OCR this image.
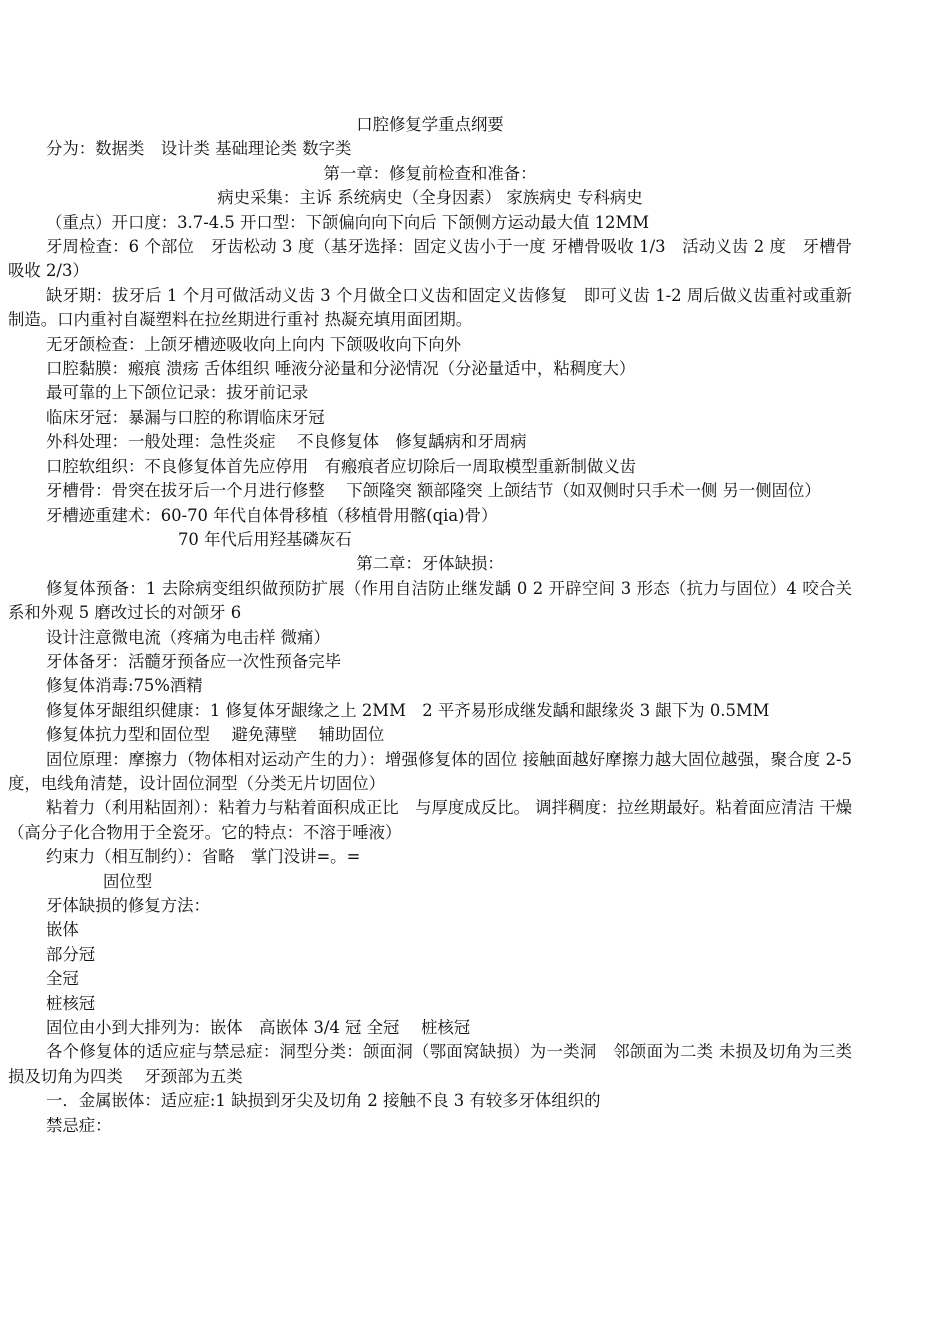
口腔修复学重点纲要
分为：数据类　设计类 基础理论类 数字类
第一章：修复前检查和准备：
病史采集：主诉 系统病史（全身因素） 家族病史 专科病史
（重点）开口度：3.7-4.5 开口型：下颌偏向向下向后 下颌侧方运动最大值 12MM
牙周检查：6 个部位　牙齿松动 3 度（基牙选择：固定义齿小于一度 牙槽骨吸收 1/3　活动义齿 2 度　牙槽骨吸收 2/3）
缺牙期：拔牙后 1 个月可做活动义齿 3 个月做全口义齿和固定义齿修复　即可义齿 1-2 周后做义齿重衬或重新制造。口内重衬自凝塑料在拉丝期进行重衬 热凝充填用面团期。
无牙颌检查：上颌牙槽迹吸收向上向内 下颌吸收向下向外
口腔黏膜：瘢痕 溃疡 舌体组织 唾液分泌量和分泌情况（分泌量适中，粘稠度大）
最可靠的上下颌位记录：拔牙前记录
临床牙冠：暴漏与口腔的称谓临床牙冠
外科处理：一般处理：急性炎症　 不良修复体　修复龋病和牙周病
口腔软组织：不良修复体首先应停用　有瘢痕者应切除后一周取模型重新制做义齿
牙槽骨：骨突在拔牙后一个月进行修整　 下颌隆突 额部隆突 上颌结节（如双侧时只手术一侧 另一侧固位）
牙槽迹重建术：60-70 年代自体骨移植（移植骨用髂(qia)骨）
70 年代后用羟基磷灰石
第二章：牙体缺损：
修复体预备：1 去除病变组织做预防扩展（作用自洁防止继发龋 0 2 开辟空间 3 形态（抗力与固位）4 咬合关系和外观 5 磨改过长的对颌牙 6
设计注意微电流（疼痛为电击样 微痛）
牙体备牙：活髓牙预备应一次性预备完毕
修复体消毒:75%酒精
修复体牙龈组织健康：1 修复体牙龈缘之上 2MM　2 平齐易形成继发龋和龈缘炎 3 龈下为 0.5MM
修复体抗力型和固位型　 避免薄壁　 辅助固位
固位原理：摩擦力（物体相对运动产生的力）：增强修复体的固位 接触面越好摩擦力越大固位越强，聚合度 2-5 度，电线角清楚，设计固位洞型（分类无片切固位）
粘着力（利用粘固剂）：粘着力与粘着面积成正比　与厚度成反比。 调拌稠度：拉丝期最好。粘着面应清洁 干燥（高分子化合物用于全瓷牙。它的特点：不溶于唾液）
约束力（相互制约）：省略　掌门没讲=。=
固位型
牙体缺损的修复方法：
嵌体
部分冠
全冠
桩核冠
固位由小到大排列为：嵌体　高嵌体 3/4 冠 全冠　 桩核冠
各个修复体的适应症与禁忌症：洞型分类：颌面洞（鄂面窝缺损）为一类洞　邻颌面为二类 未损及切角为三类　 损及切角为四类　 牙颈部为五类
一．金属嵌体：适应症:1 缺损到牙尖及切角 2 接触不良 3 有较多牙体组织的
禁忌症：
